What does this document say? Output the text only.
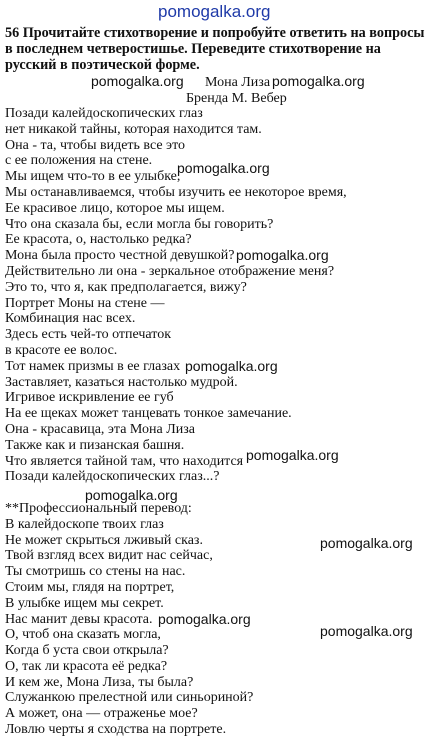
pomogalka.org
56 Прочитайте стихотворение и попробуйте ответить на вопросы в последнем четверостишье. Переведите стихотворение на русский в поэтической форме.
pomogalka.org Мона Лиза pomogalka.org
Бренда М. Вебер
Позади калейдоскопических глаз
нет никакой тайны, которая находится там.
Она - та, чтобы видеть все это
с ее положения на стене.
Мы ищем что-то в ее улыбке,
Мы останавливаемся, чтобы изучить ее некоторое время,
Ее красивое лицо, которое мы ищем.
Что она сказала бы, если могла бы говорить?
Ее красота, о, настолько редка?
Мона была просто честной девушкой?
Действительно ли она - зеркальное отображение меня?
Это то, что я, как предполагается, вижу?
Портрет Моны на стене —
Комбинация нас всех.
Здесь есть чей-то отпечаток
в красоте ее волос.
Тот намек призмы в ее глазах
Заставляет, казаться настолько мудрой.
Игривое искривление ее губ
На ее щеках может танцевать тонкое замечание.
Она - красавица, эта Мона Лиза
Также как и пизанская башня.
Что является тайной там, что находится
Позади калейдоскопических глаз...?

**Профессиональный перевод:
В калейдоскопе твоих глаз
Не может скрыться лживый сказ.
Твой взгляд всех видит нас сейчас,
Ты смотришь со стены на нас.
Стоим мы, глядя на портрет,
В улыбке ищем мы секрет.
Нас манит девы красота.
О, чтоб она сказать могла,
Когда б уста свои открыла?
О, так ли красота её редка?
И кем же, Мона Лиза, ты была?
Служанкою прелестной или синьориной?
А может, она — отраженье мое?
Ловлю черты я сходства на портрете.
pomogalka.org
pomogalka.org
pomogalka.org
pomogalka.org
pomogalka.org
pomogalka.org
pomogalka.org
pomogalka.org
